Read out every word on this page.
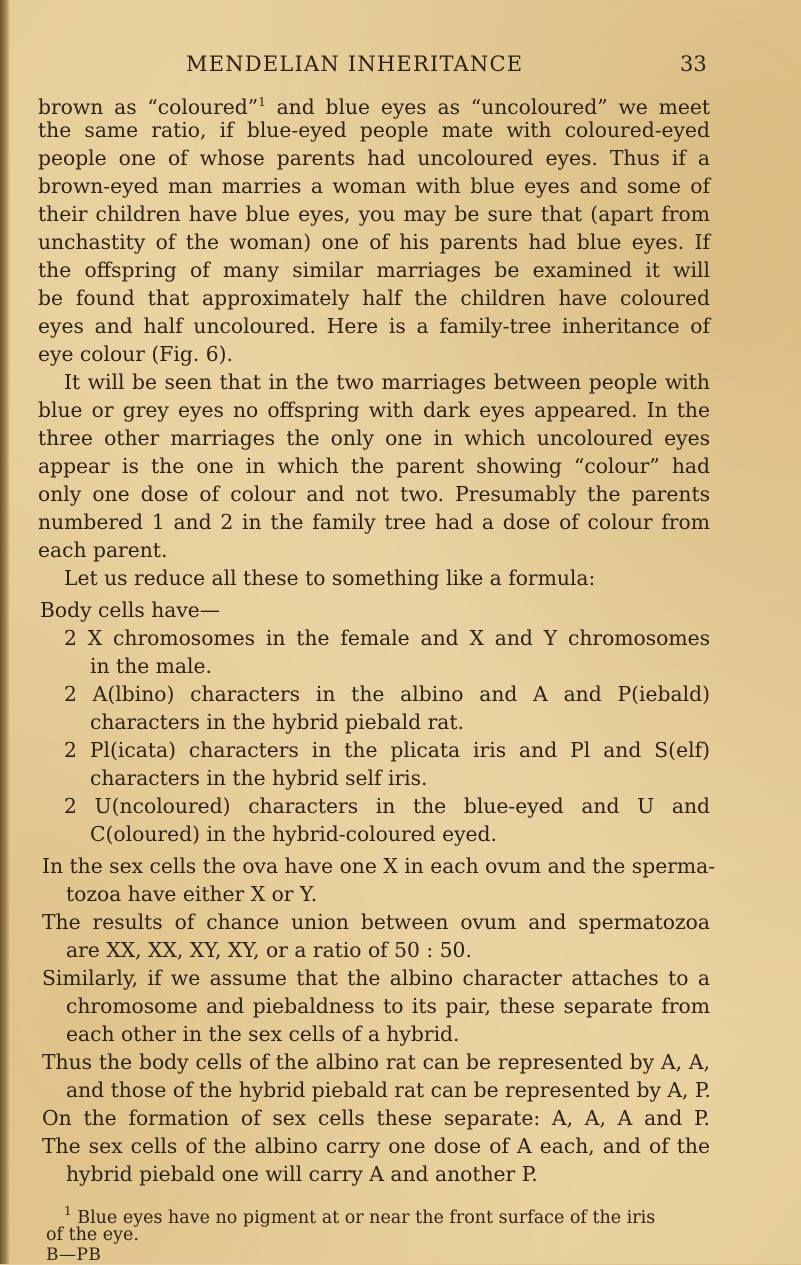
MENDELIAN INHERITANCE	33
brown as “coloured”$^1$ and blue eyes as “uncoloured” we meet
the same ratio, if blue-eyed people mate with coloured-eyed
people one of whose parents had uncoloured eyes. Thus if a
brown-eyed man marries a woman with blue eyes and some of
their children have blue eyes, you may be sure that (apart from
unchastity of the woman) one of his parents had blue eyes. If
the offspring of many similar marriages be examined it will
be found that approximately half the children have coloured
eyes and half uncoloured. Here is a family-tree inheritance of
eye colour (Fig. 6).
It will be seen that in the two marriages between people with
blue or grey eyes no offspring with dark eyes appeared. In the
three other marriages the only one in which uncoloured eyes
appear is the one in which the parent showing “colour” had
only one dose of colour and not two. Presumably the parents
numbered 1 and 2 in the family tree had a dose of colour from
each parent.
Let us reduce all these to something like a formula:
Body cells have—
2 X chromosomes in the female and X and Y chromosomes
in the male.
2 A(lbino) characters in the albino and A and P(iebald)
characters in the hybrid piebald rat.
2 Pl(icata) characters in the plicata iris and Pl and S(elf)
characters in the hybrid self iris.
2 U(ncoloured) characters in the blue-eyed and U and
C(oloured) in the hybrid-coloured eyed.
In the sex cells the ova have one X in each ovum and the sperma-
tozoa have either X or Y.
The results of chance union between ovum and spermatozoa
are XX, XX, XY, XY, or a ratio of 50 : 50.
Similarly, if we assume that the albino character attaches to a
chromosome and piebaldness to its pair, these separate from
each other in the sex cells of a hybrid.
Thus the body cells of the albino rat can be represented by A, A,
and those of the hybrid piebald rat can be represented by A, P.
On the formation of sex cells these separate: A, A, A and P.
The sex cells of the albino carry one dose of A each, and of the
hybrid piebald one will carry A and another P.
$^1$ Blue eyes have no pigment at or near the front surface of the iris
of the eye.
B—PB
